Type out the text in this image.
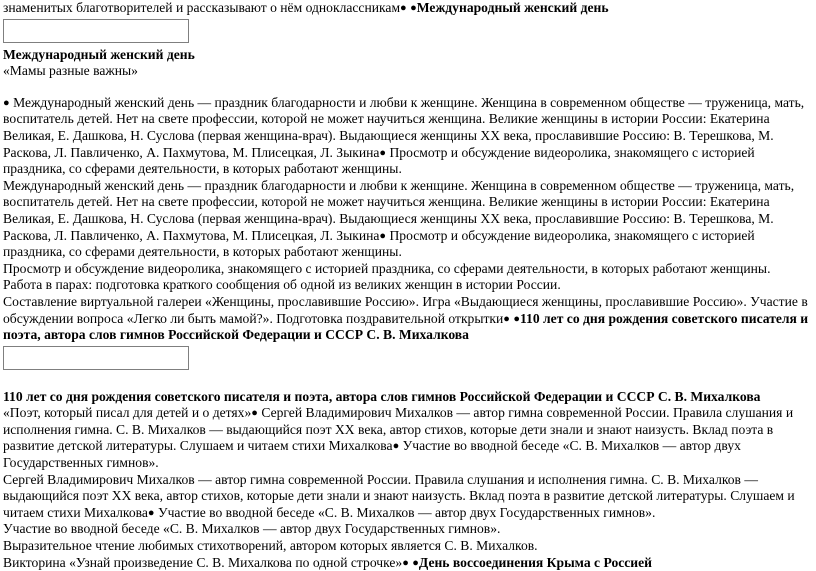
знаменитых благотворителей и рассказывают о нём одноклассникам● ●Международный женский день

Международный женский день

«Мамы разные важны»

● Международный женский день — праздник благодарности и любви к женщине. Женщина в современном обществе — труженица, мать, воспитатель детей. Нет на свете профессии, которой не может научиться женщина. Великие женщины в истории России: Екатерина Великая, Е. Дашкова, Н. Суслова (первая женщина-врач). Выдающиеся женщины ХХ века, прославившие Россию: В. Терешкова, М. Раскова, Л. Павличенко, А. Пахмутова, М. Плисецкая, Л. Зыкина● Просмотр и обсуждение видеоролика, знакомящего с историей праздника, со сферами деятельности, в которых работают женщины.

Международный женский день — праздник благодарности и любви к женщине. Женщина в современном обществе — труженица, мать, воспитатель детей. Нет на свете профессии, которой не может научиться женщина. Великие женщины в истории России: Екатерина Великая, Е. Дашкова, Н. Суслова (первая женщина-врач). Выдающиеся женщины ХХ века, прославившие Россию: В. Терешкова, М. Раскова, Л. Павличенко, А. Пахмутова, М. Плисецкая, Л. Зыкина● Просмотр и обсуждение видеоролика, знакомящего с историей праздника, со сферами деятельности, в которых работают женщины.

Просмотр и обсуждение видеоролика, знакомящего с историей праздника, со сферами деятельности, в которых работают женщины.

Работа в парах: подготовка краткого сообщения об одной из великих женщин в истории России.

Составление виртуальной галереи «Женщины, прославившие Россию». Игра «Выдающиеся женщины, прославившие Россию». Участие в обсуждении вопроса «Легко ли быть мамой?». Подготовка поздравительной открытки● ●110 лет со дня рождения советского писателя и поэта, автора слов гимнов Российской Федерации и СССР С. В. Михалкова

110 лет со дня рождения советского писателя и поэта, автора слов гимнов Российской Федерации и СССР С. В. Михалкова

«Поэт, который писал для детей и о детях»● Сергей Владимирович Михалков — автор гимна современной России. Правила слушания и исполнения гимна. С. В. Михалков — выдающийся поэт ХХ века, автор стихов, которые дети знали и знают наизусть. Вклад поэта в развитие детской литературы. Слушаем и читаем стихи Михалкова● Участие во вводной беседе «С. В. Михалков — автор двух Государственных гимнов».

Сергей Владимирович Михалков — автор гимна современной России. Правила слушания и исполнения гимна. С. В. Михалков — выдающийся поэт ХХ века, автор стихов, которые дети знали и знают наизусть. Вклад поэта в развитие детской литературы. Слушаем и читаем стихи Михалкова● Участие во вводной беседе «С. В. Михалков — автор двух Государственных гимнов».

Участие во вводной беседе «С. В. Михалков — автор двух Государственных гимнов».

Выразительное чтение любимых стихотворений, автором которых является С. В. Михалков.

Викторина «Узнай произведение С. В. Михалкова по одной строчке»● ●День воссоединения Крыма с Россией
